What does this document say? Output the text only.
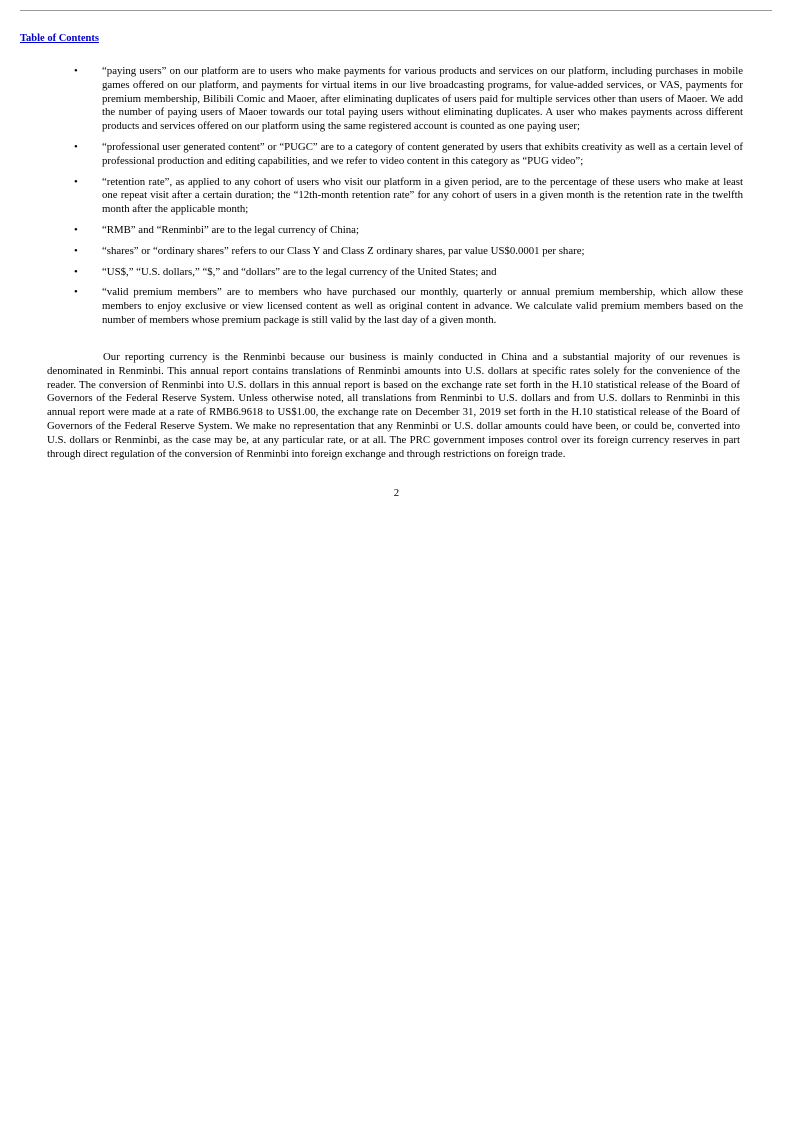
Table of Contents
• “paying users” on our platform are to users who make payments for various products and services on our platform, including purchases in mobile games offered on our platform, and payments for virtual items in our live broadcasting programs, for value-added services, or VAS, payments for premium membership, Bilibili Comic and Maoer, after eliminating duplicates of users paid for multiple services other than users of Maoer. We add the number of paying users of Maoer towards our total paying users without eliminating duplicates. A user who makes payments across different products and services offered on our platform using the same registered account is counted as one paying user;
• “professional user generated content” or “PUGC” are to a category of content generated by users that exhibits creativity as well as a certain level of professional production and editing capabilities, and we refer to video content in this category as “PUG video”;
• “retention rate”, as applied to any cohort of users who visit our platform in a given period, are to the percentage of these users who make at least one repeat visit after a certain duration; the “12th-month retention rate” for any cohort of users in a given month is the retention rate in the twelfth month after the applicable month;
• “RMB” and “Renminbi” are to the legal currency of China;
• “shares” or “ordinary shares” refers to our Class Y and Class Z ordinary shares, par value US$0.0001 per share;
• “US$,” “U.S. dollars,” “$,” and “dollars” are to the legal currency of the United States; and
• “valid premium members” are to members who have purchased our monthly, quarterly or annual premium membership, which allow these members to enjoy exclusive or view licensed content as well as original content in advance. We calculate valid premium members based on the number of members whose premium package is still valid by the last day of a given month.

Our reporting currency is the Renminbi because our business is mainly conducted in China and a substantial majority of our revenues is denominated in Renminbi. This annual report contains translations of Renminbi amounts into U.S. dollars at specific rates solely for the convenience of the reader. The conversion of Renminbi into U.S. dollars in this annual report is based on the exchange rate set forth in the H.10 statistical release of the Board of Governors of the Federal Reserve System. Unless otherwise noted, all translations from Renminbi to U.S. dollars and from U.S. dollars to Renminbi in this annual report were made at a rate of RMB6.9618 to US$1.00, the exchange rate on December 31, 2019 set forth in the H.10 statistical release of the Board of Governors of the Federal Reserve System. We make no representation that any Renminbi or U.S. dollar amounts could have been, or could be, converted into U.S. dollars or Renminbi, as the case may be, at any particular rate, or at all. The PRC government imposes control over its foreign currency reserves in part through direct regulation of the conversion of Renminbi into foreign exchange and through restrictions on foreign trade.

2
